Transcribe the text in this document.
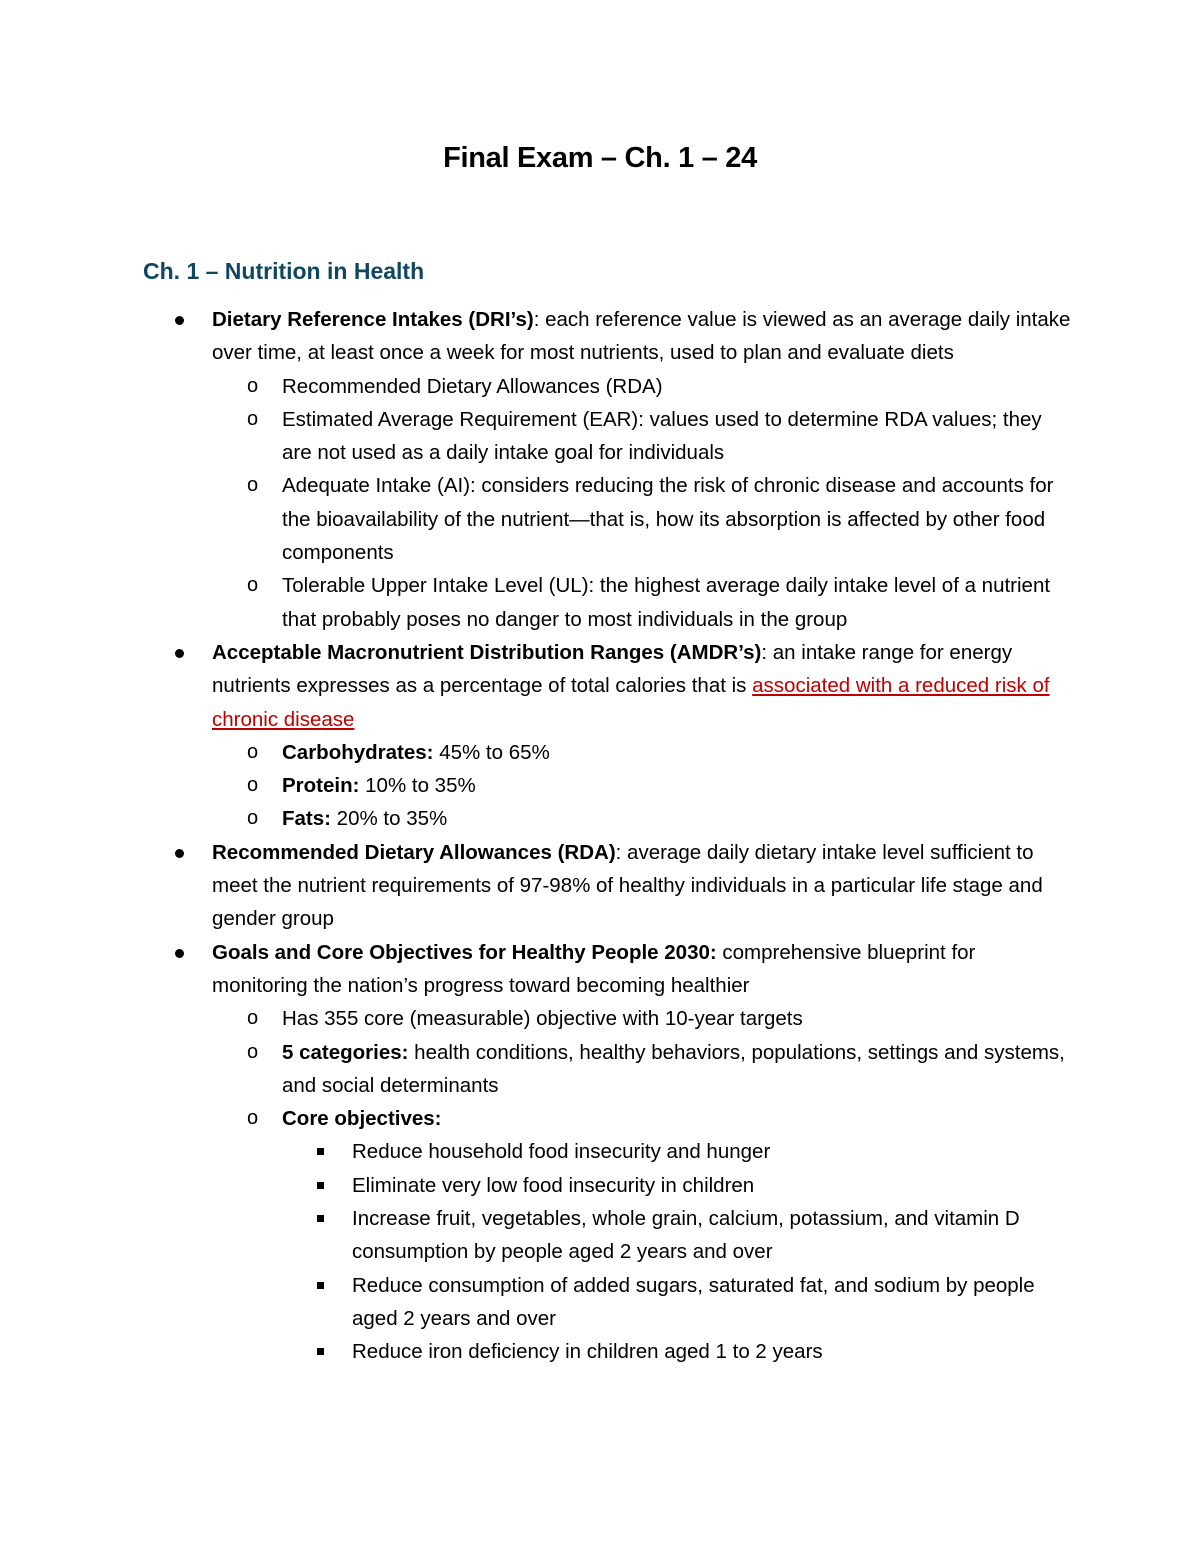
Final Exam – Ch. 1 – 24
Ch. 1 – Nutrition in Health
Dietary Reference Intakes (DRI’s): each reference value is viewed as an average daily intake over time, at least once a week for most nutrients, used to plan and evaluate diets
o Recommended Dietary Allowances (RDA)
o Estimated Average Requirement (EAR): values used to determine RDA values; they are not used as a daily intake goal for individuals
o Adequate Intake (AI): considers reducing the risk of chronic disease and accounts for the bioavailability of the nutrient—that is, how its absorption is affected by other food components
o Tolerable Upper Intake Level (UL): the highest average daily intake level of a nutrient that probably poses no danger to most individuals in the group
Acceptable Macronutrient Distribution Ranges (AMDR’s): an intake range for energy nutrients expresses as a percentage of total calories that is associated with a reduced risk of chronic disease
o Carbohydrates: 45% to 65%
o Protein: 10% to 35%
o Fats: 20% to 35%
Recommended Dietary Allowances (RDA): average daily dietary intake level sufficient to meet the nutrient requirements of 97-98% of healthy individuals in a particular life stage and gender group
Goals and Core Objectives for Healthy People 2030: comprehensive blueprint for monitoring the nation’s progress toward becoming healthier
o Has 355 core (measurable) objective with 10-year targets
o 5 categories: health conditions, healthy behaviors, populations, settings and systems, and social determinants
o Core objectives:
Reduce household food insecurity and hunger
Eliminate very low food insecurity in children
Increase fruit, vegetables, whole grain, calcium, potassium, and vitamin D consumption by people aged 2 years and over
Reduce consumption of added sugars, saturated fat, and sodium by people aged 2 years and over
Reduce iron deficiency in children aged 1 to 2 years
